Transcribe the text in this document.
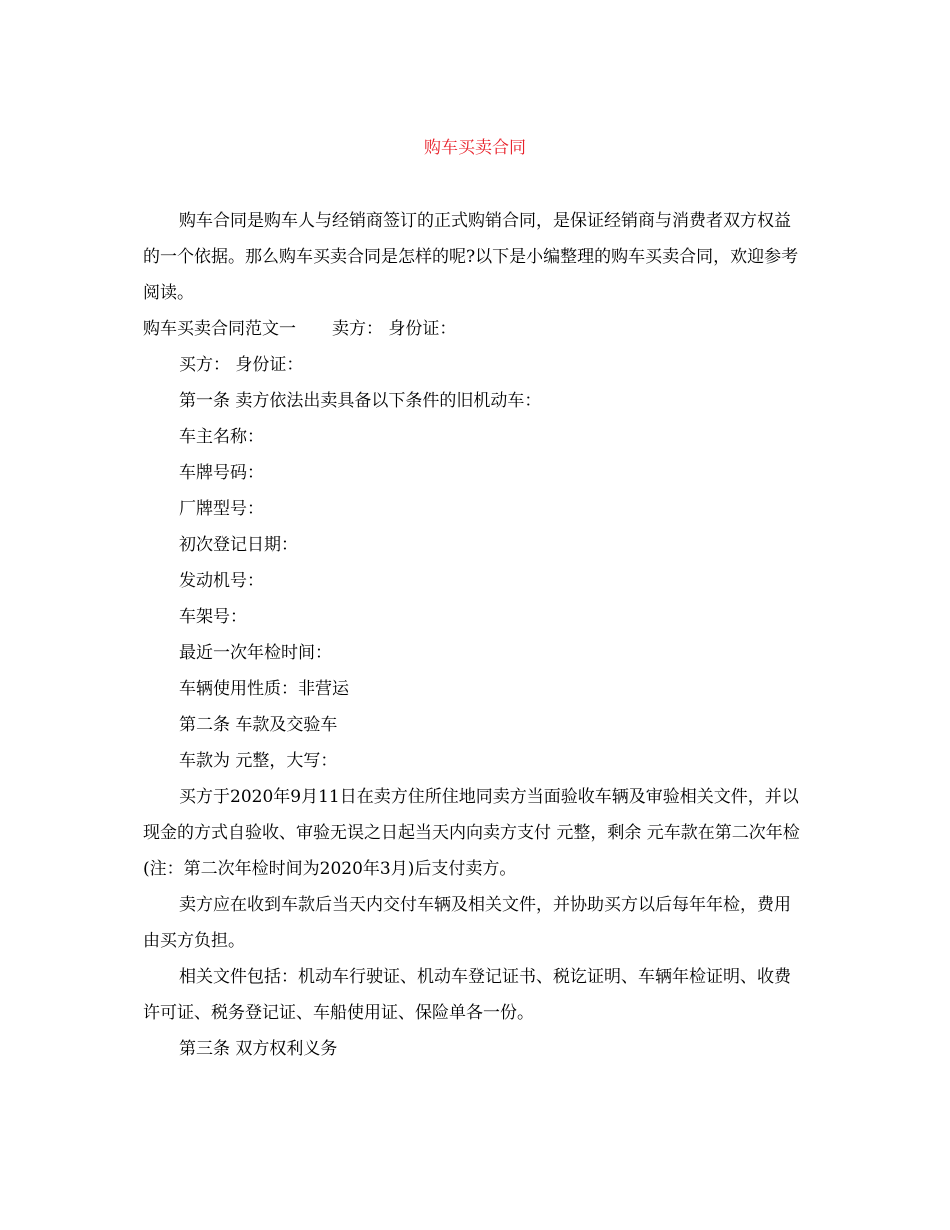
购车买卖合同

购车合同是购车人与经销商签订的正式购销合同，是保证经销商与消费者双方权益的一个依据。那么购车买卖合同是怎样的呢?以下是小编整理的购车买卖合同，欢迎参考阅读。

购车买卖合同范文一 卖方： 身份证：

买方： 身份证：

第一条 卖方依法出卖具备以下条件的旧机动车：

车主名称：

车牌号码：

厂牌型号：

初次登记日期：

发动机号：

车架号：

最近一次年检时间：

车辆使用性质：非营运

第二条 车款及交验车

车款为 元整，大写：

买方于2020年9月11日在卖方住所住地同卖方当面验收车辆及审验相关文件，并以现金的方式自验收、审验无误之日起当天内向卖方支付 元整，剩余 元车款在第二次年检(注：第二次年检时间为2020年3月)后支付卖方。

卖方应在收到车款后当天内交付车辆及相关文件，并协助买方以后每年年检，费用由买方负担。

相关文件包括：机动车行驶证、机动车登记证书、税讫证明、车辆年检证明、收费许可证、税务登记证、车船使用证、保险单各一份。

第三条 双方权利义务
